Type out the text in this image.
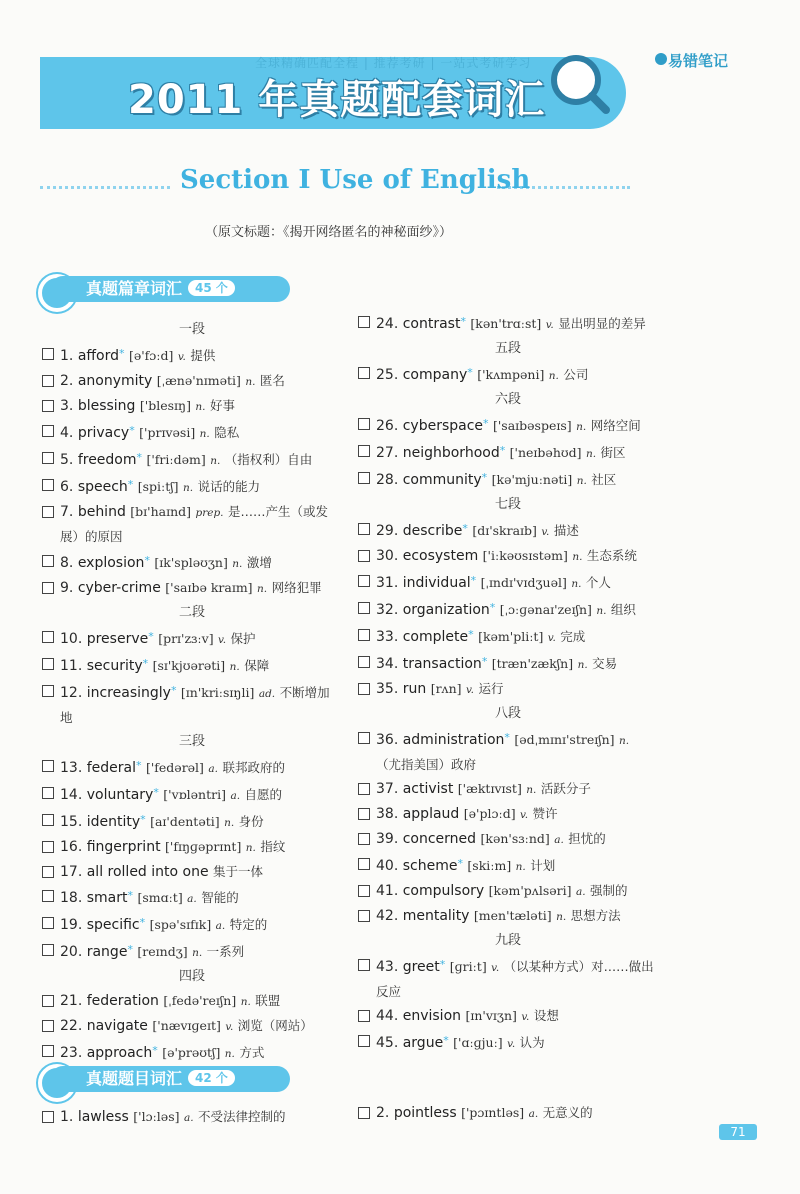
全球精确匹配全程 | 推荐考研 | 一站式考研学习
2011 年真题配套词汇
易错笔记
Section Ⅰ Use of English
（原文标题：《揭开网络匿名的神秘面纱》）
真题篇章词汇 45 个
一段
1. afford* [ə'fɔːd] v. 提供
2. anonymity [ˌænə'nɪməti] n. 匿名
3. blessing ['blesɪŋ] n. 好事
4. privacy* ['prɪvəsi] n. 隐私
5. freedom* ['friːdəm] n. （指权利）自由
6. speech* [spiːtʃ] n. 说话的能力
7. behind [bɪ'haɪnd] prep. 是……产生（或发展）的原因
8. explosion* [ɪk'spləʊʒn] n. 激增
9. cyber-crime ['saɪbə kraɪm] n. 网络犯罪
二段
10. preserve* [prɪ'zɜːv] v. 保护
11. security* [sɪ'kjʊərəti] n. 保障
12. increasingly* [ɪn'kriːsɪŋli] ad. 不断增加地
三段
13. federal* ['fedərəl] a. 联邦政府的
14. voluntary* ['vɒləntri] a. 自愿的
15. identity* [aɪ'dentəti] n. 身份
16. fingerprint ['fɪŋɡəprɪnt] n. 指纹
17. all rolled into one 集于一体
18. smart* [smɑːt] a. 智能的
19. specific* [spə'sɪfɪk] a. 特定的
20. range* [reɪndʒ] n. 一系列
四段
21. federation [ˌfedə'reɪʃn] n. 联盟
22. navigate ['nævɪɡeɪt] v. 浏览（网站）
23. approach* [ə'prəʊtʃ] n. 方式
24. contrast* [kən'trɑːst] v. 显出明显的差异
五段
25. company* ['kʌmpəni] n. 公司
六段
26. cyberspace* ['saɪbəspeɪs] n. 网络空间
27. neighborhood* ['neɪbəhʊd] n. 街区
28. community* [kə'mjuːnəti] n. 社区
七段
29. describe* [dɪ'skraɪb] v. 描述
30. ecosystem ['iːkəʊsɪstəm] n. 生态系统
31. individual* [ˌɪndɪ'vɪdʒuəl] n. 个人
32. organization* [ˌɔːɡənaɪ'zeɪʃn] n. 组织
33. complete* [kəm'pliːt] v. 完成
34. transaction* [træn'zækʃn] n. 交易
35. run [rʌn] v. 运行
八段
36. administration* [ədˌmɪnɪ'streɪʃn] n. （尤指美国）政府
37. activist ['æktɪvɪst] n. 活跃分子
38. applaud [ə'plɔːd] v. 赞许
39. concerned [kən'sɜːnd] a. 担忧的
40. scheme* [skiːm] n. 计划
41. compulsory [kəm'pʌlsəri] a. 强制的
42. mentality [men'tæləti] n. 思想方法
九段
43. greet* [ɡriːt] v. （以某种方式）对……做出反应
44. envision [ɪn'vɪʒn] v. 设想
45. argue* ['ɑːɡjuː] v. 认为
真题题目词汇 42 个
1. lawless ['lɔːləs] a. 不受法律控制的	2. pointless ['pɔɪntləs] a. 无意义的
71
